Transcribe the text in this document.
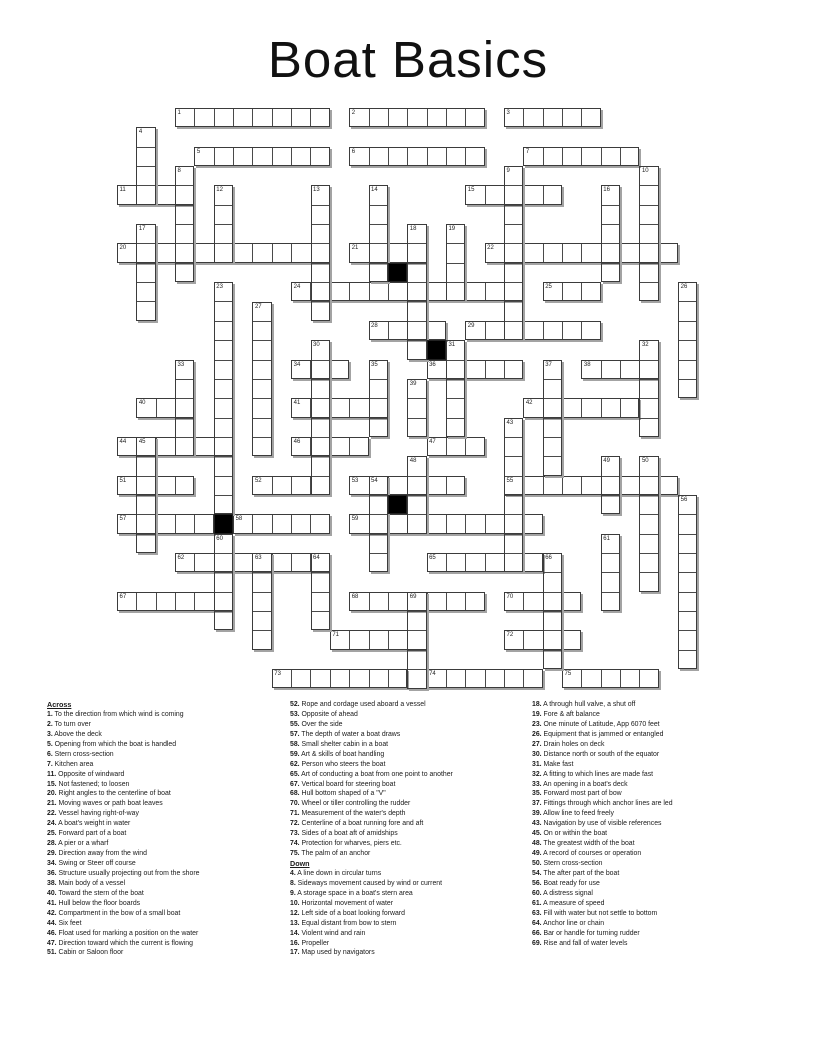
Boat Basics
1	2	3
5	6	7
11	15
20	21	22
24	25
28	29
34	36	38
40	41	42
44	46	47
51	52	53	55
57	58	59
62	65
67	68	70
71	72
73	74	75
4
8	9	10
12	13	14	16
17	18	19
23	26
27
30	31	32
33	35	37
39
43
45
48	49	50
54
56
60	61
63	64	66
69
Across
1. To the direction from which wind is coming
2. To turn over
3. Above the deck
5. Opening from which the boat is handled
6. Stern cross-section
7. Kitchen area
11. Opposite of windward
15. Not fastened; to loosen
20. Right angles to the centerline of boat
21. Moving waves or path boat leaves
22. Vessel having right-of-way
24. A boat's weight in water
25. Forward part of a boat
28. A pier or a wharf
29. Direction away from the wind
34. Swing or Steer off course
36. Structure usually projecting out from the shore
38. Main body of a vessel
40. Toward the stern of the boat
41. Hull below the floor boards
42. Compartment in the bow of a small boat
44. Six feet
46. Float used for marking a position on the water
47. Direction toward which the current is flowing
51. Cabin or Saloon floor
52. Rope and cordage used aboard a vessel
53. Opposite of ahead
55. Over the side
57. The depth of water a boat draws
58. Small shelter cabin in a boat
59. Art & skills of boat handling
62. Person who steers the boat
65. Art of conducting a boat from one point to another
67. Vertical board for steering boat
68. Hull bottom shaped of a "V"
70. Wheel or tiller controlling the rudder
71. Measurement of the water's depth
72. Centerline of a boat running fore and aft
73. Sides of a boat aft of amidships
74. Protection for wharves, piers etc.
75. The palm of an anchor
Down
4. A line down in circular turns
8. Sideways movement caused by wind or current
9. A storage space in a boat's stern area
10. Horizontal movement of water
12. Left side of a boat looking forward
13. Equal distant from bow to stern
14. Violent wind and rain
16. Propeller
17. Map used by navigators
18. A through hull valve, a shut off
19. Fore & aft balance
23. One minute of Latitude, App 6070 feet
26. Equipment that is jammed or entangled
27. Drain holes on deck
30. Distance north or south of the equator
31. Make fast
32. A fitting to which lines are made fast
33. An opening in a boat's deck
35. Forward most part of bow
37. Fittings through which anchor lines are led
39. Allow line to feed freely
43. Navigation by use of visible references
45. On or within the boat
48. The greatest width of the boat
49. A record of courses or operation
50. Stern cross-section
54. The after part of the boat
56. Boat ready for use
60. A distress signal
61. A measure of speed
63. Fill with water but not settle to bottom
64. Anchor line or chain
66. Bar or handle for turning rudder
69. Rise and fall of water levels
